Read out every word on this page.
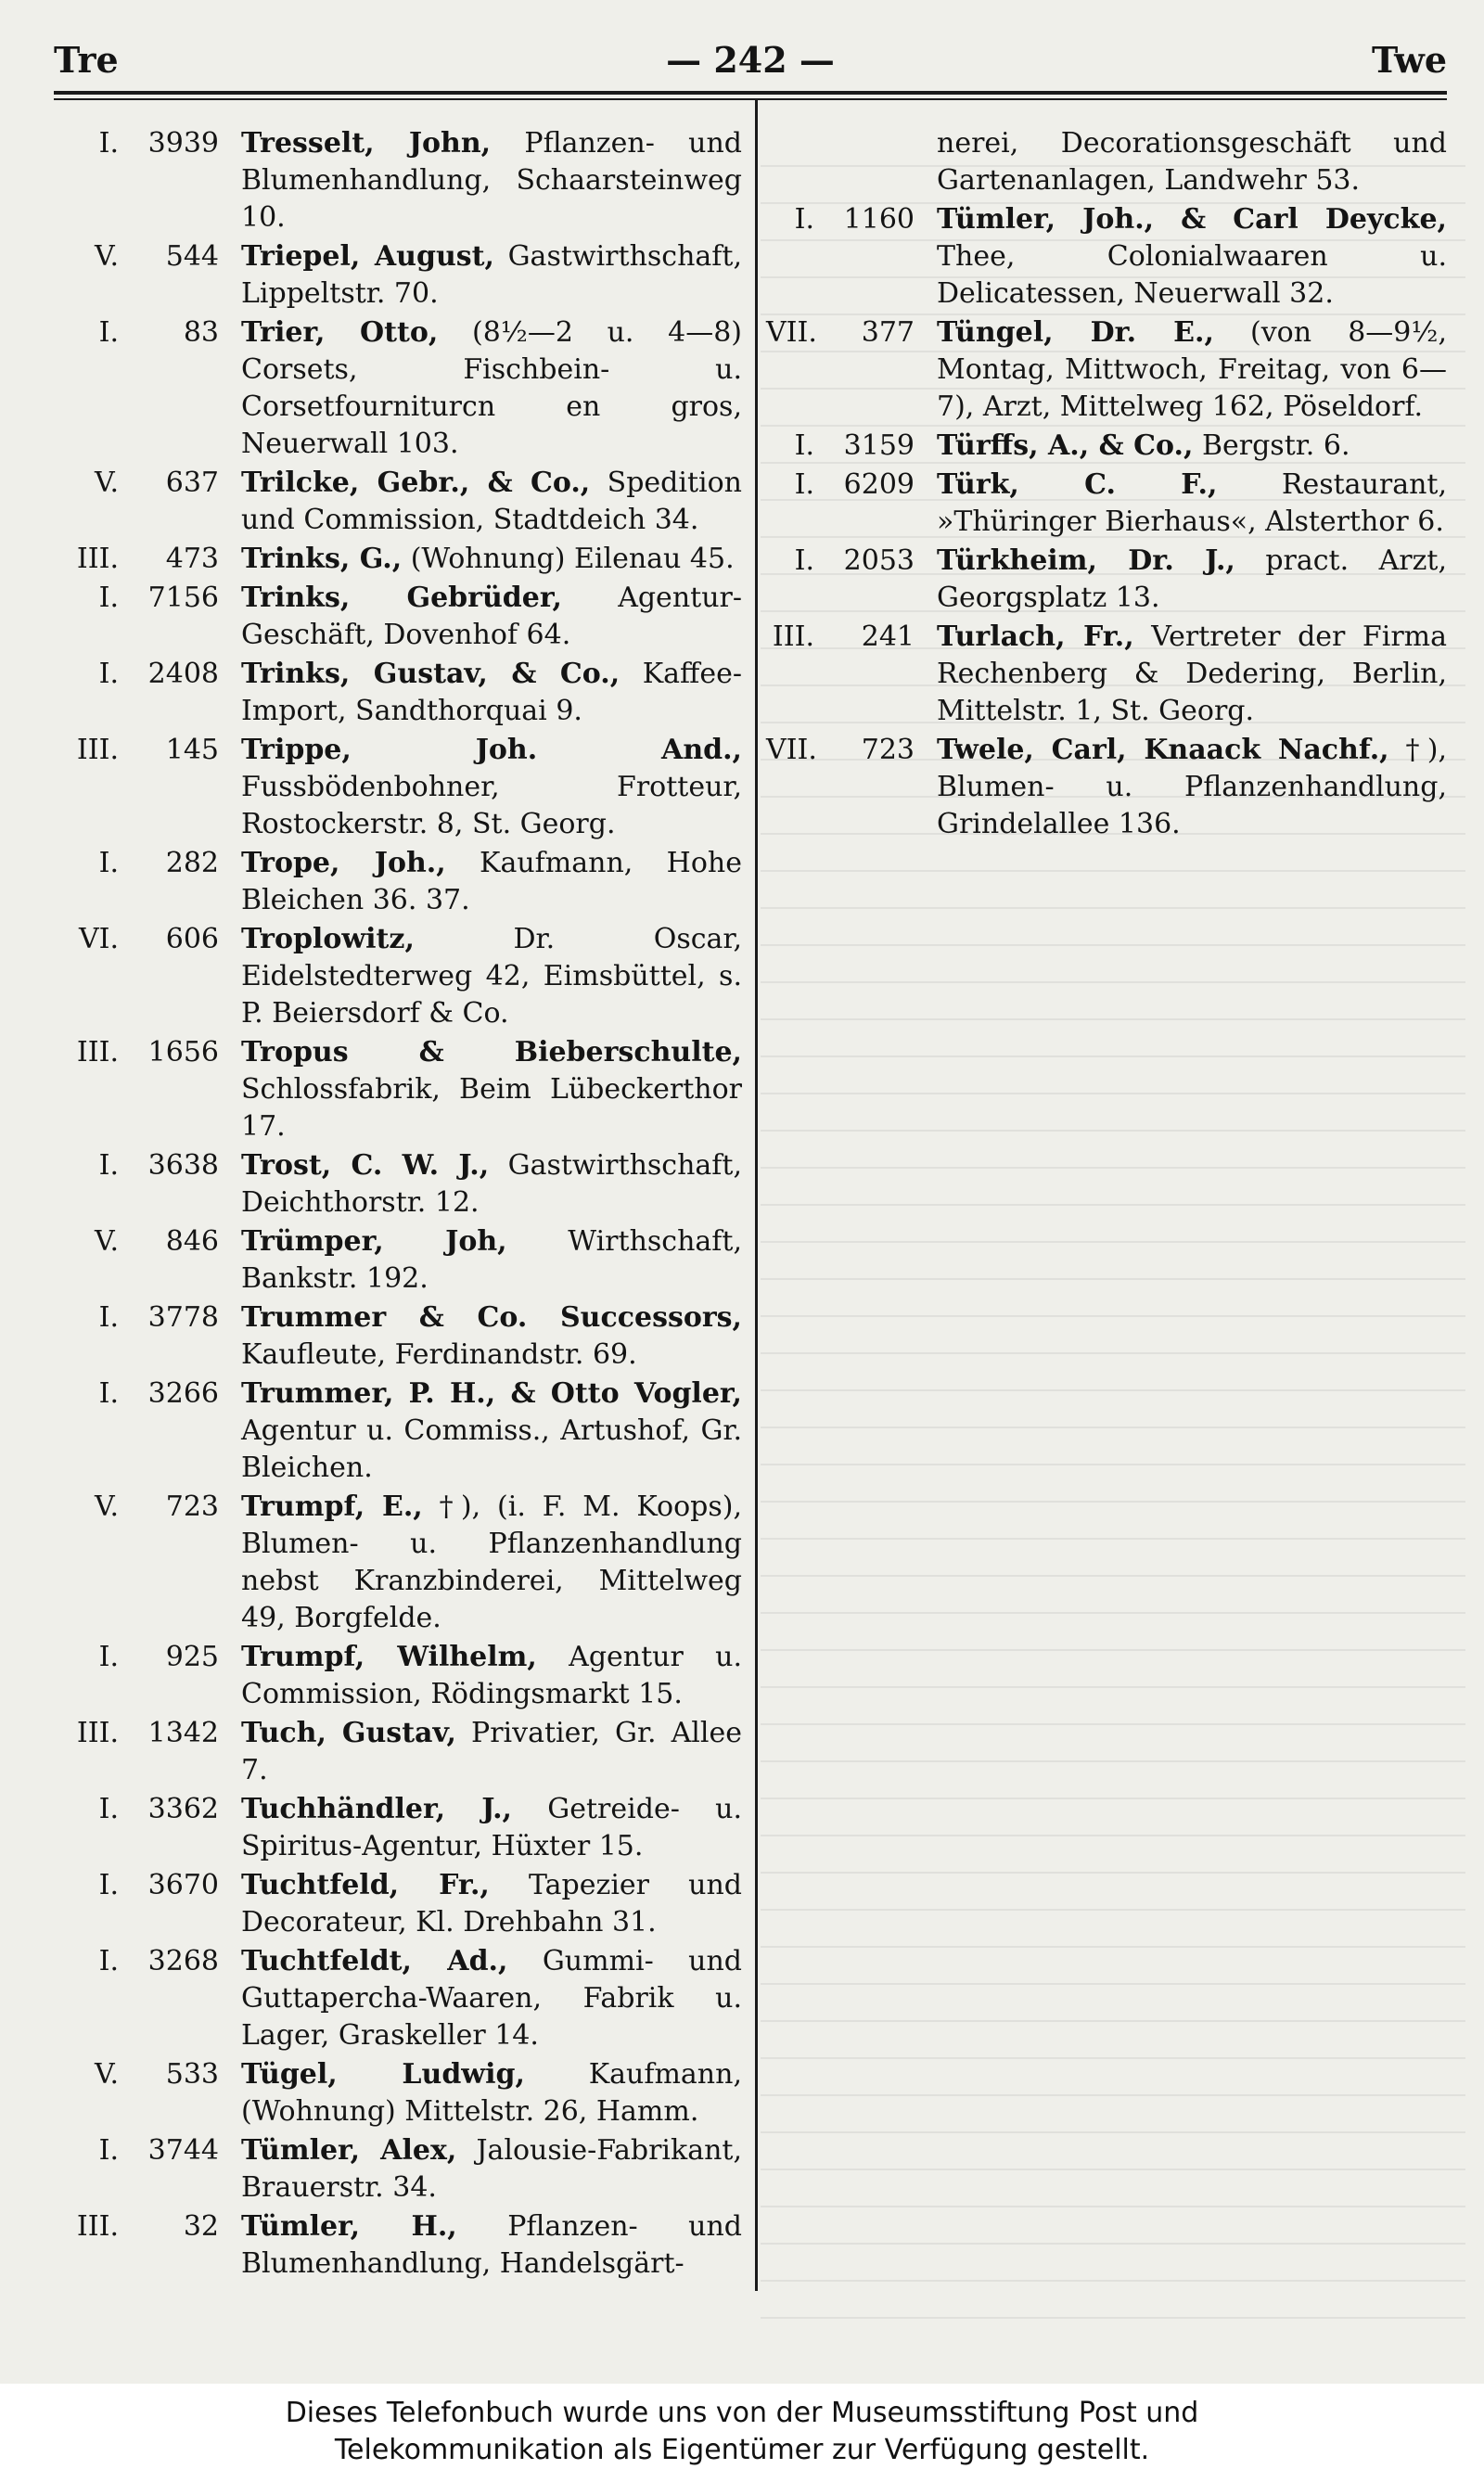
Tre	— 242 —	Twe
I.	3939 Tresselt, John, Pflanzen- und Blumenhandlung, Schaarsteinweg 10.
V.	544 Triepel, August, Gastwirthschaft, Lippeltstr. 70.
I.	83 Trier, Otto, (8½—2 u. 4—8) Corsets, Fischbein- u. Corsetfourniturcn en gros, Neuerwall 103.
V.	637 Trilcke, Gebr., & Co., Spedition und Commission, Stadtdeich 34.
III.	473 Trinks, G., (Wohnung) Eilenau 45.
I.	7156 Trinks, Gebrüder, Agentur-Geschäft, Dovenhof 64.
I.	2408 Trinks, Gustav, & Co., Kaffee-Import, Sandthorquai 9.
III.	145 Trippe, Joh. And., Fussbödenbohner, Frotteur, Rostockerstr. 8, St. Georg.
I.	282 Trope, Joh., Kaufmann, Hohe Bleichen 36. 37.
VI.	606 Troplowitz, Dr. Oscar, Eidelstedterweg 42, Eimsbüttel, s. P. Beiersdorf & Co.
III.	1656 Tropus & Bieberschulte, Schlossfabrik, Beim Lübeckerthor 17.
I.	3638 Trost, C. W. J., Gastwirthschaft, Deichthorstr. 12.
V.	846 Trümper, Joh, Wirthschaft, Bankstr. 192.
I.	3778 Trummer & Co. Successors, Kaufleute, Ferdinandstr. 69.
I.	3266 Trummer, P. H., & Otto Vogler, Agentur u. Commiss., Artushof, Gr. Bleichen.
V.	723 Trumpf, E., †), (i. F. M. Koops), Blumen- u. Pflanzenhandlung nebst Kranzbinderei, Mittelweg 49, Borgfelde.
I.	925 Trumpf, Wilhelm, Agentur u. Commission, Rödingsmarkt 15.
III.	1342 Tuch, Gustav, Privatier, Gr. Allee 7.
I.	3362 Tuchhändler, J., Getreide- u. Spiritus-Agentur, Hüxter 15.
I.	3670 Tuchtfeld, Fr., Tapezier und Decorateur, Kl. Drehbahn 31.
I.	3268 Tuchtfeldt, Ad., Gummi- und Guttapercha-Waaren, Fabrik u. Lager, Graskeller 14.
V.	533 Tügel, Ludwig, Kaufmann, (Wohnung) Mittelstr. 26, Hamm.
I.	3744 Tümler, Alex, Jalousie-Fabrikant, Brauerstr. 34.
III.	32 Tümler, H., Pflanzen- und Blumenhandlung, Handelsgärt-
nerei, Decorationsgeschäft und Gartenanlagen, Landwehr 53.
I.	1160 Tümler, Joh., & Carl Deycke, Thee, Colonialwaaren u. Delicatessen, Neuerwall 32.
VII.	377 Tüngel, Dr. E., (von 8—9½, Montag, Mittwoch, Freitag, von 6—7), Arzt, Mittelweg 162, Pöseldorf.
I.	3159 Türffs, A., & Co., Bergstr. 6.
I.	6209 Türk, C. F., Restaurant, »Thüringer Bierhaus«, Alsterthor 6.
I.	2053 Türkheim, Dr. J., pract. Arzt, Georgsplatz 13.
III.	241 Turlach, Fr., Vertreter der Firma Rechenberg & Dedering, Berlin, Mittelstr. 1, St. Georg.
VII.	723 Twele, Carl, Knaack Nachf., †), Blumen- u. Pflanzenhandlung, Grindelallee 136.
Dieses Telefonbuch wurde uns von der Museumsstiftung Post und
Telekommunikation als Eigentümer zur Verfügung gestellt.
